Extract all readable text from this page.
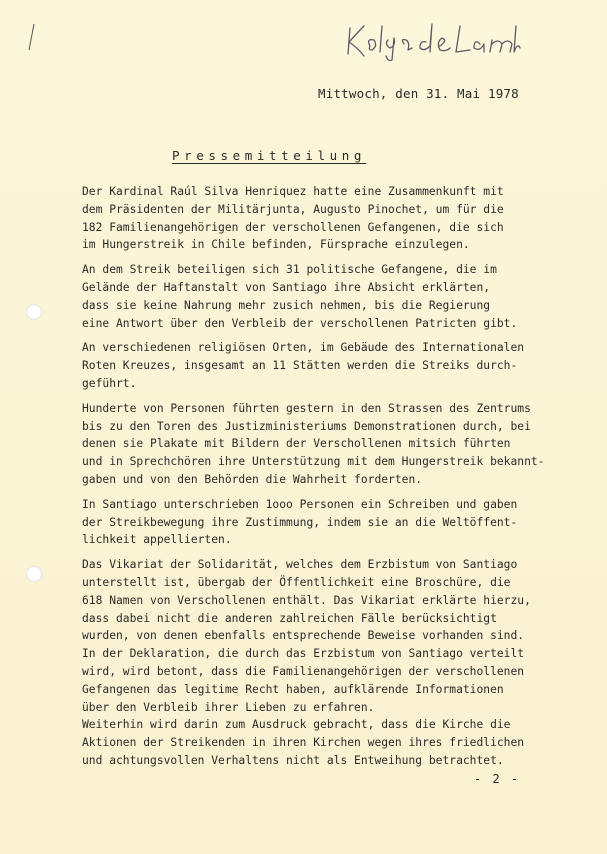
Mittwoch, den 31. Mai 1978
Pressemitteilung
Der Kardinal Raúl Silva Henriquez hatte eine Zusammenkunft mit
dem Präsidenten der Militärjunta, Augusto Pinochet, um für die
182 Familienangehörigen der verschollenen Gefangenen, die sich
im Hungerstreik in Chile befinden, Fürsprache einzulegen.
An dem Streik beteiligen sich 31 politische Gefangene, die im
Gelände der Haftanstalt von Santiago ihre Absicht erklärten,
dass sie keine Nahrung mehr zusich nehmen, bis die Regierung
eine Antwort über den Verbleib der verschollenen Patricten gibt.
An verschiedenen religiösen Orten, im Gebäude des Internationalen
Roten Kreuzes, insgesamt an 11 Stätten werden die Streiks durch-
geführt.
Hunderte von Personen führten gestern in den Strassen des Zentrums
bis zu den Toren des Justizministeriums Demonstrationen durch, bei
denen sie Plakate mit Bildern der Verschollenen mitsich führten
und in Sprechchören ihre Unterstützung mit dem Hungerstreik bekannt-
gaben und von den Behörden die Wahrheit forderten.
In Santiago unterschrieben 1ooo Personen ein Schreiben und gaben
der Streikbewegung ihre Zustimmung, indem sie an die Weltöffent-
lichkeit appellierten.
Das Vikariat der Solidarität, welches dem Erzbistum von Santiago
unterstellt ist, übergab der Öffentlichkeit eine Broschüre, die
618 Namen von Verschollenen enthält. Das Vikariat erklärte hierzu,
dass dabei nicht die anderen zahlreichen Fälle berücksichtigt
wurden, von denen ebenfalls entsprechende Beweise vorhanden sind.
In der Deklaration, die durch das Erzbistum von Santiago verteilt
wird, wird betont, dass die Familienangehörigen der verschollenen
Gefangenen das legitime Recht haben, aufklärende Informationen
über den Verbleib ihrer Lieben zu erfahren.
Weiterhin wird darin zum Ausdruck gebracht, dass die Kirche die
Aktionen der Streikenden in ihren Kirchen wegen ihres friedlichen
und achtungsvollen Verhaltens nicht als Entweihung betrachtet.
- 2 -
